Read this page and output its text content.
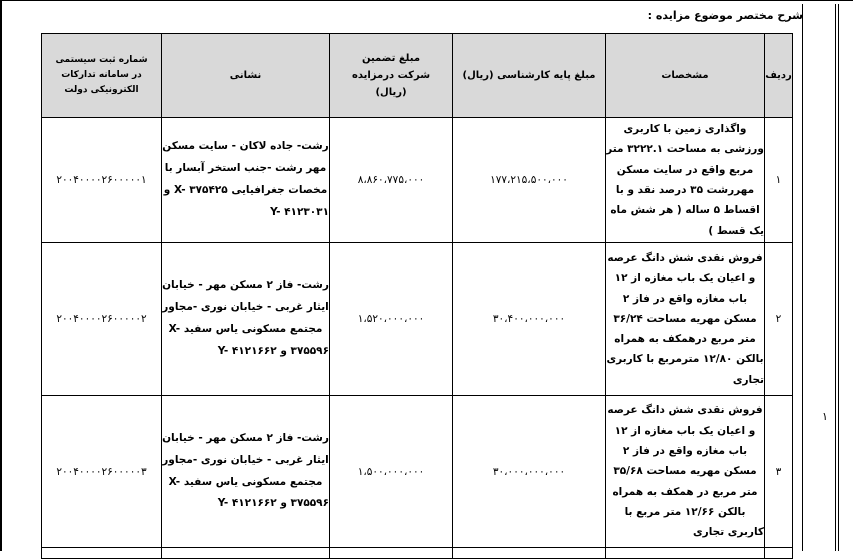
۱
شرح مختصر موضوع مزایده :
ردیف	مشخصات	مبلغ پایه کارشناسی (ریال)	مبلغ تضمین شرکت درمزایده (ریال)	نشانی	شماره ثبت سیستمی در سامانه تدارکات الکترونیکی دولت
۱	واگذاری زمین با کاربری ورزشی به مساحت ۳۲۲۲.۱ متر مربع واقع در سایت مسکن مهررشت ۳۵ درصد نقد و با اقساط ۵ ساله ( هر شش ماه یک قسط )	۱۷۷،۲۱۵،۵۰۰،۰۰۰	۸،۸۶۰،۷۷۵،۰۰۰	رشت- جاده لاکان - سایت مسکن مهر رشت -جنب استخر آبسار با مخصات جغرافیایی X- ۳۷۵۴۲۵ و Y- ۴۱۲۳۰۳۱	۲۰۰۴۰۰۰۰۲۶۰۰۰۰۰۱
۲	فروش نقدی شش دانگ عرصه و اعیان یک باب مغازه از ۱۲ باب مغازه واقع در فاز ۲ مسکن مهریه مساحت ۳۶/۲۴ متر مربع درهمکف به همراه بالکن ۱۲/۸۰ مترمربع با کاربری تجاری	۳۰،۴۰۰،۰۰۰،۰۰۰	۱،۵۲۰،۰۰۰،۰۰۰	رشت- فاز ۲ مسکن مهر - خیابان ایثار غربی - خیابان نوری -مجاور مجتمع مسکونی یاس سفید X- ۳۷۵۵۹۶ و Y- ۴۱۲۱۶۶۲	۲۰۰۴۰۰۰۰۲۶۰۰۰۰۰۲
۳	فروش نقدی شش دانگ عرصه و اعیان یک باب مغازه از ۱۲ باب مغازه واقع در فاز ۲ مسکن مهریه مساحت ۳۵/۶۸ متر مربع در همکف به همراه بالکن ۱۲/۶۶ متر مربع با کاربری تجاری	۳۰،۰۰۰،۰۰۰،۰۰۰	۱،۵۰۰،۰۰۰،۰۰۰	رشت- فاز ۲ مسکن مهر - خیابان ایثار غربی - خیابان نوری -مجاور مجتمع مسکونی یاس سفید X- ۳۷۵۵۹۶ و Y- ۴۱۲۱۶۶۲	۲۰۰۴۰۰۰۰۲۶۰۰۰۰۰۳
